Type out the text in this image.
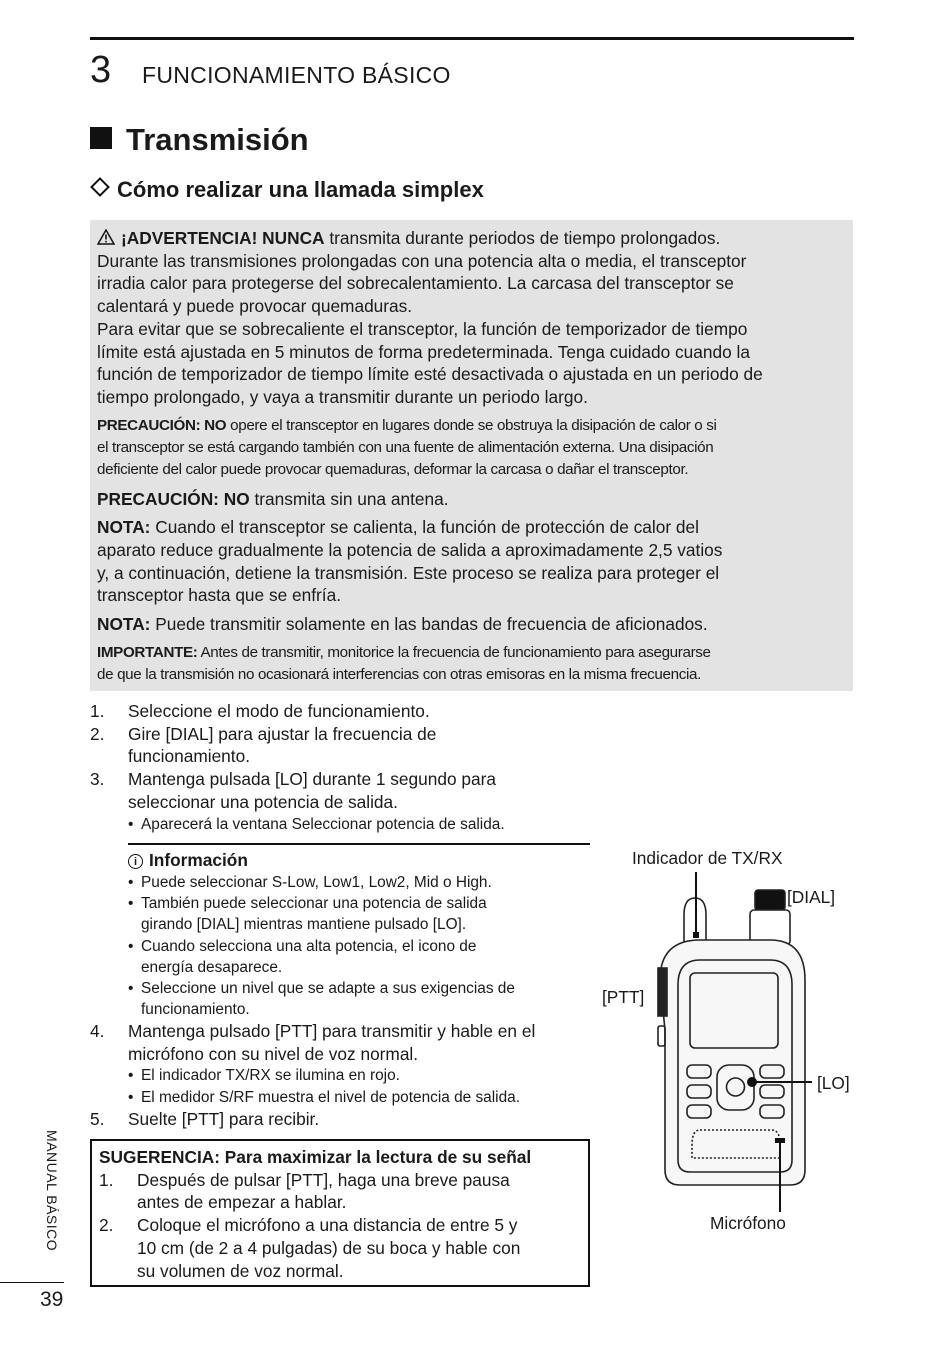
3 FUNCIONAMIENTO BÁSICO
Transmisión
Cómo realizar una llamada simplex

¡ADVERTENCIA! NUNCA transmita durante periodos de tiempo prolongados.
Durante las transmisiones prolongadas con una potencia alta o media, el transceptor
irradia calor para protegerse del sobrecalentamiento. La carcasa del transceptor se
calentará y puede provocar quemaduras.
Para evitar que se sobrecaliente el transceptor, la función de temporizador de tiempo
límite está ajustada en 5 minutos de forma predeterminada. Tenga cuidado cuando la
función de temporizador de tiempo límite esté desactivada o ajustada en un periodo de
tiempo prolongado, y vaya a transmitir durante un periodo largo.

PRECAUCIÓN: NO opere el transceptor en lugares donde se obstruya la disipación de calor o si
el transceptor se está cargando también con una fuente de alimentación externa. Una disipación
deficiente del calor puede provocar quemaduras, deformar la carcasa o dañar el transceptor.

PRECAUCIÓN: NO transmita sin una antena.

NOTA: Cuando el transceptor se calienta, la función de protección de calor del
aparato reduce gradualmente la potencia de salida a aproximadamente 2,5 vatios
y, a continuación, detiene la transmisión. Este proceso se realiza para proteger el
transceptor hasta que se enfría.

NOTA: Puede transmitir solamente en las bandas de frecuencia de aficionados.

IMPORTANTE: Antes de transmitir, monitorice la frecuencia de funcionamiento para asegurarse
de que la transmisión no ocasionará interferencias con otras emisoras en la misma frecuencia.

1. Seleccione el modo de funcionamiento.
2. Gire [DIAL] para ajustar la frecuencia de
funcionamiento.
3. Mantenga pulsada [LO] durante 1 segundo para
seleccionar una potencia de salida.
• Aparecerá la ventana Seleccionar potencia de salida.
i Información
• Puede seleccionar S-Low, Low1, Low2, Mid o High.
• También puede seleccionar una potencia de salida
girando [DIAL] mientras mantiene pulsado [LO].
• Cuando selecciona una alta potencia, el icono de
energía desaparece.
• Seleccione un nivel que se adapte a sus exigencias de
funcionamiento.
4. Mantenga pulsado [PTT] para transmitir y hable en el
micrófono con su nivel de voz normal.
• El indicador TX/RX se ilumina en rojo.
• El medidor S/RF muestra el nivel de potencia de salida.
5. Suelte [PTT] para recibir.
SUGERENCIA: Para maximizar la lectura de su señal
1. Después de pulsar [PTT], haga una breve pausa
antes de empezar a hablar.
2. Coloque el micrófono a una distancia de entre 5 y
10 cm (de 2 a 4 pulgadas) de su boca y hable con
su volumen de voz normal.
Indicador de TX/RX
[DIAL]
[PTT]
[LO]
Micrófono
MANUAL BÁSICO
39
